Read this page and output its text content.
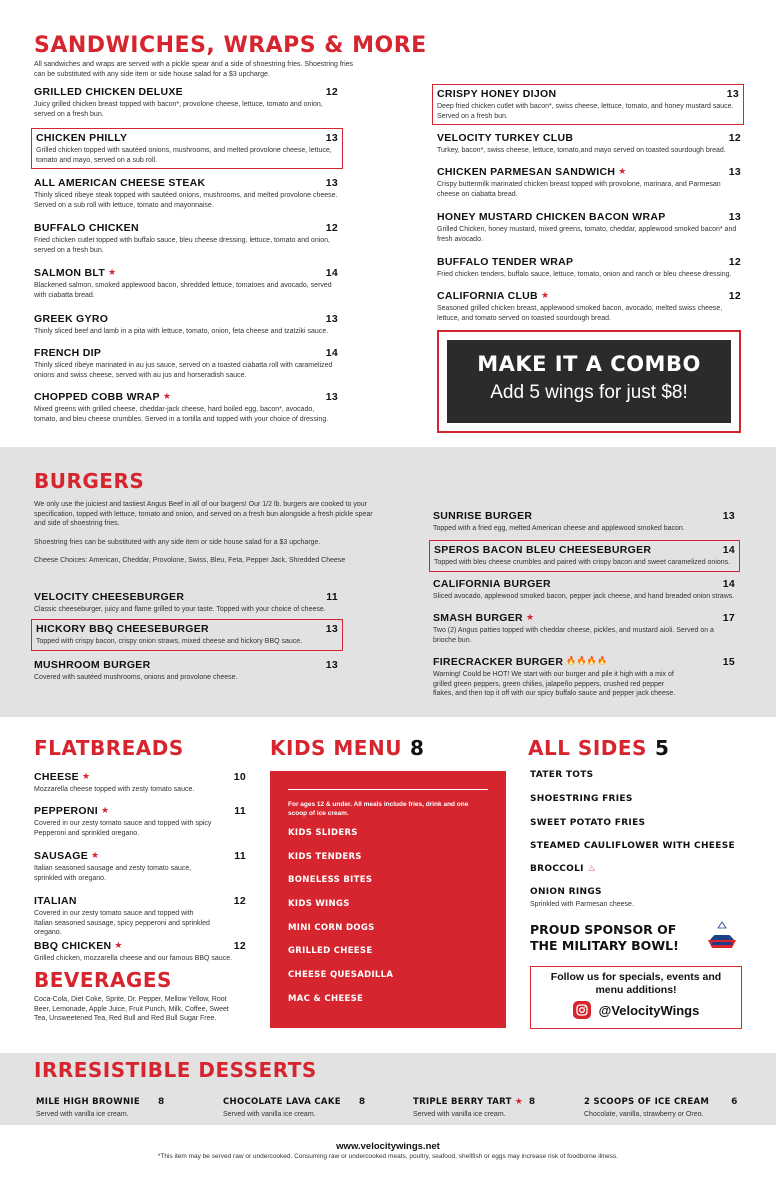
SANDWICHES, WRAPS & MORE
All sandwiches and wraps are served with a pickle spear and a side of shoestring fries. Shoestring fries can be substituted with any side item or side house salad for a $3 upcharge.
GRILLED CHICKEN DELUXE	12
Juicy grilled chicken breast topped with bacon*, provolone cheese, lettuce, tomato and onion, served on a fresh bun.
CHICKEN PHILLY	13
Grilled chicken topped with sautéed onions, mushrooms, and melted provolone cheese, lettuce, tomato and mayo, served on a sub roll.
ALL AMERICAN CHEESE STEAK	13
Thinly sliced ribeye steak topped with sautéed onions, mushrooms, and melted provolone cheese. Served on a sub roll with lettuce, tomato and mayonnaise.
BUFFALO CHICKEN	12
Fried chicken cutlet topped with buffalo sauce, bleu cheese dressing, lettuce, tomato and onion, served on a fresh bun.
SALMON BLT ★	14
Blackened salmon, smoked applewood bacon, shredded lettuce, tomatoes and avocado, served with ciabatta bread.
GREEK GYRO	13
Thinly sliced beef and lamb in a pita with lettuce, tomato, onion, feta cheese and tzatziki sauce.
FRENCH DIP	14
Thinly sliced ribeye marinated in au jus sauce, served on a toasted ciabatta roll with caramelized onions and swiss cheese, served with au jus and horseradish sauce.
CHOPPED COBB WRAP ★	13
Mixed greens with grilled cheese, cheddar-jack cheese, hard boiled egg, bacon*, avocado, tomato, and bleu cheese crumbles. Served in a tortilla and topped with your choice of dressing.
CRISPY HONEY DIJON	13
Deep fried chicken cutlet with bacon*, swiss cheese, lettuce, tomato, and honey mustard sauce. Served on a fresh bun.
VELOCITY TURKEY CLUB	12
Turkey, bacon*, swiss cheese, lettuce, tomato,and mayo served on toasted sourdough bread.
CHICKEN PARMESAN SANDWICH ★	13
Crispy buttermilk marinated chicken breast topped with provolone, marinara, and Parmesan cheese on ciabatta bread.
HONEY MUSTARD CHICKEN BACON WRAP	13
Grilled Chicken, honey mustard, mixed greens, tomato, cheddar, applewood smoked bacon* and fresh avocado.
BUFFALO TENDER WRAP	12
Fried chicken tenders, buffalo sauce, lettuce, tomato, onion and ranch or bleu cheese dressing.
CALIFORNIA CLUB ★	12
Seasoned grilled chicken breast, applewood smoked bacon, avocado, melted swiss cheese, lettuce, and tomato served on toasted sourdough bread.
MAKE IT A COMBO
Add 5 wings for just $8!
BURGERS

We only use the juiciest and tastiest Angus Beef in all of our burgers! Our 1/2 lb. burgers are cooked to your specification, topped with lettuce, tomato and onion, and served on a fresh bun alongside a fresh pickle spear and side of shoestring fries.

Shoestring fries can be substituted with any side item or side house salad for a $3 upcharge.

Cheese Choices: American, Cheddar, Provolone, Swiss, Bleu, Feta, Pepper Jack, Shredded Cheese

VELOCITY CHEESEBURGER	11
Classic cheeseburger, juicy and flame grilled to your taste. Topped with your choice of cheese.
HICKORY BBQ CHEESEBURGER	13
Topped with crispy bacon, crispy onion straws, mixed cheese and hickory BBQ sauce.
MUSHROOM BURGER	13
Covered with sautéed mushrooms, onions and provolone cheese.
SUNRISE BURGER	13
Topped with a fried egg, melted American cheese and applewood smoked bacon.
SPEROS BACON BLEU CHEESEBURGER	14
Topped with bleu cheese crumbles and paired with crispy bacon and sweet caramelized onions.
CALIFORNIA BURGER	14
Sliced avocado, applewood smoked bacon, pepper jack cheese, and hand breaded onion straws.
SMASH BURGER ★	17
Two (2) Angus patties topped with cheddar cheese, pickles, and mustard aioli. Served on a brioche bun.
FIRECRACKER BURGER 🔥🔥🔥🔥	15
Warning! Could be HOT! We start with our burger and pile it high with a mix of grilled green peppers, green chilies, jalapeño peppers, crushed red pepper flakes, and then top it off with our spicy buffalo sauce and pepper jack cheese.
FLATBREADS
CHEESE ★	10
Mozzarella cheese topped with zesty tomato sauce.
PEPPERONI ★	11
Covered in our zesty tomato sauce and topped with spicy Pepperoni and sprinkled oregano.
SAUSAGE ★	11
Italian seasoned sausage and zesty tomato sauce, sprinkled with oregano.
ITALIAN	12
Covered in our zesty tomato sauce and topped with Italian seasoned sausage, spicy pepperoni and sprinkled oregano.
BBQ CHICKEN ★	12
Grilled chicken, mozzarella cheese and our famous BBQ sauce.
BEVERAGES
Coca-Cola, Diet Coke, Sprite, Dr. Pepper, Mellow Yellow, Root Beer, Lemonade, Apple Juice, Fruit Punch, Milk, Coffee, Sweet Tea, Unsweetened Tea, Red Bull and Red Bull Sugar Free.
KIDS MENU 8
For ages 12 & under. All meals include fries, drink and one scoop of ice cream.
KIDS SLIDERS
KIDS TENDERS
BONELESS BITES
KIDS WINGS
MINI CORN DOGS
GRILLED CHEESE
CHEESE QUESADILLA
MAC & CHEESE
ALL SIDES 5
TATER TOTS
SHOESTRING FRIES
SWEET POTATO FRIES
STEAMED CAULIFLOWER WITH CHEESE
BROCCOLI ♨
ONION RINGS
Sprinkled with Parmesan cheese.
PROUD SPONSOR OF
THE MILITARY BOWL!
Follow us for specials, events and
menu additions!
@VelocityWings
IRRESISTIBLE DESSERTS
MILE HIGH BROWNIE 8
Served with vanilla ice cream.
CHOCOLATE LAVA CAKE 8
Served with vanilla ice cream.
TRIPLE BERRY TART ★ 8
Served with vanilla ice cream.
2 SCOOPS OF ICE CREAM 6
Chocolate, vanilla, strawberry or Oreo.
www.velocitywings.net
*This item may be served raw or undercooked. Consuming raw or undercooked meats, poultry, seafood, shellfish or eggs may increase risk of foodborne illness.
